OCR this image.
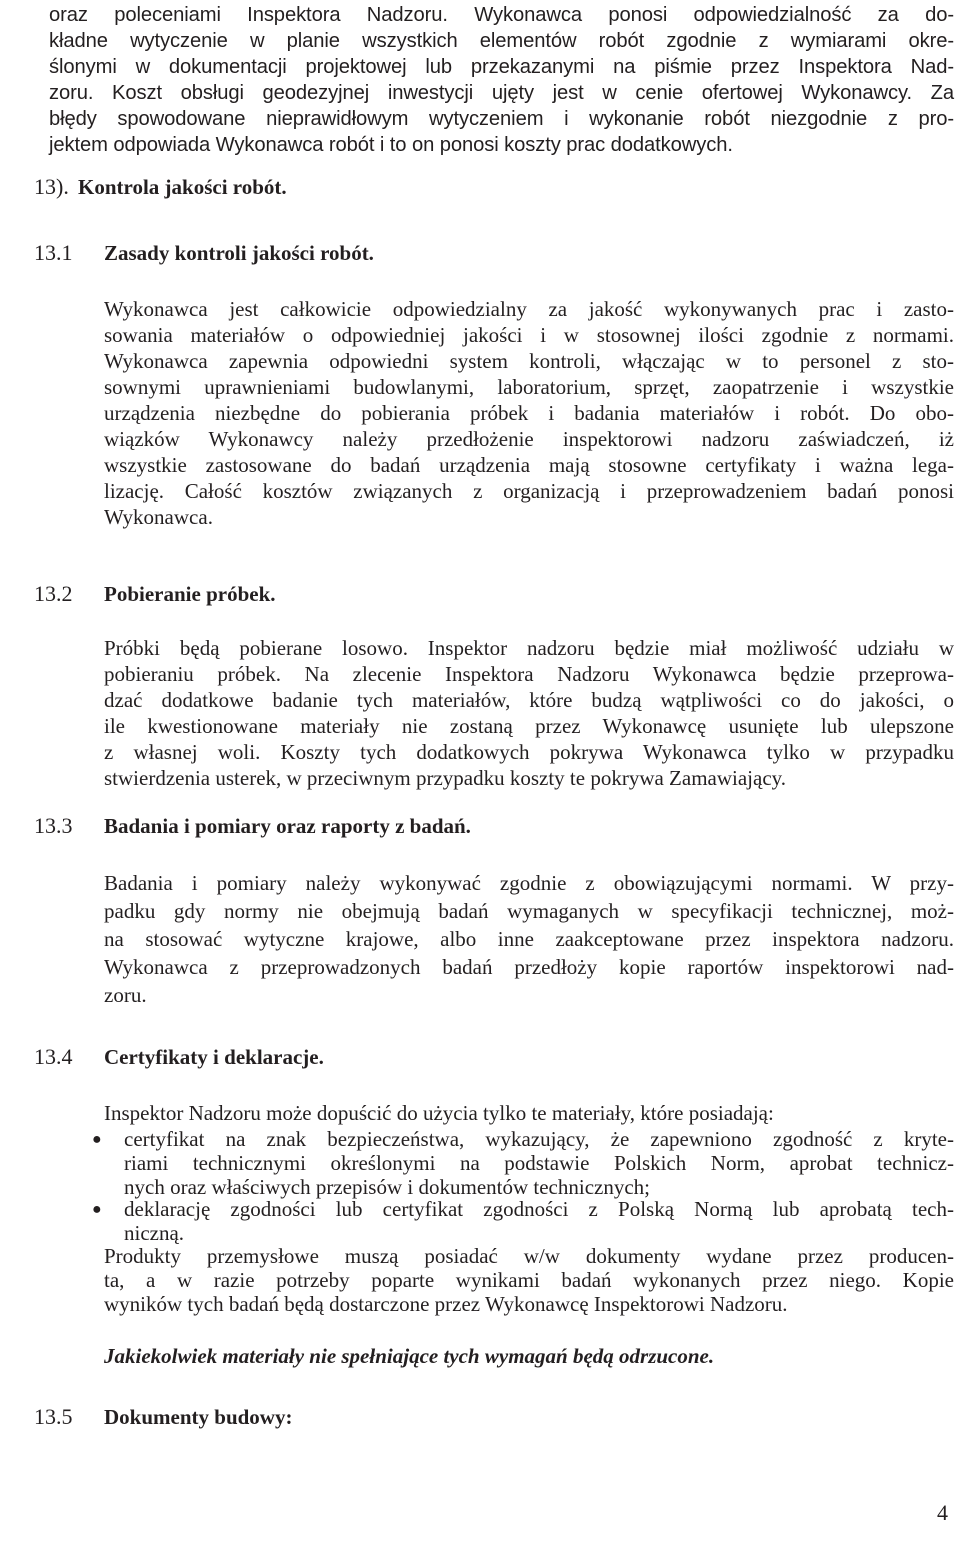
oraz poleceniami Inspektora Nadzoru. Wykonawca ponosi odpowiedzialność za do-
kładne wytyczenie w planie wszystkich elementów robót zgodnie z wymiarami okre-
ślonymi w dokumentacji projektowej lub przekazanymi na piśmie przez Inspektora Nad-
zoru. Koszt obsługi geodezyjnej inwestycji ujęty jest w cenie ofertowej Wykonawcy. Za
błędy spowodowane nieprawidłowym wytyczeniem i wykonanie robót niezgodnie z pro-
jektem odpowiada Wykonawca robót i to on ponosi koszty prac dodatkowych.
13). Kontrola jakości robót.
13.1 Zasady kontroli jakości robót.
Wykonawca jest całkowicie odpowiedzialny za jakość wykonywanych prac i zasto-
sowania materiałów o odpowiedniej jakości i w stosownej ilości zgodnie z normami.
Wykonawca zapewnia odpowiedni system kontroli, włączając w to personel z sto-
sownymi uprawnieniami budowlanymi, laboratorium, sprzęt, zaopatrzenie i wszystkie
urządzenia niezbędne do pobierania próbek i badania materiałów i robót. Do obo-
wiązków Wykonawcy należy przedłożenie inspektorowi nadzoru zaświadczeń, iż
wszystkie zastosowane do badań urządzenia mają stosowne certyfikaty i ważna lega-
lizację. Całość kosztów związanych z organizacją i przeprowadzeniem badań ponosi
Wykonawca.
13.2 Pobieranie próbek.
Próbki będą pobierane losowo. Inspektor nadzoru będzie miał możliwość udziału w
pobieraniu próbek. Na zlecenie Inspektora Nadzoru Wykonawca będzie przeprowa-
dzać dodatkowe badanie tych materiałów, które budzą wątpliwości co do jakości, o
ile kwestionowane materiały nie zostaną przez Wykonawcę usunięte lub ulepszone
z własnej woli. Koszty tych dodatkowych pokrywa Wykonawca tylko w przypadku
stwierdzenia usterek, w przeciwnym przypadku koszty te pokrywa Zamawiający.
13.3 Badania i pomiary oraz raporty z badań.
Badania i pomiary należy wykonywać zgodnie z obowiązującymi normami. W przy-
padku gdy normy nie obejmują badań wymaganych w specyfikacji technicznej, moż-
na stosować wytyczne krajowe, albo inne zaakceptowane przez inspektora nadzoru.
Wykonawca z przeprowadzonych badań przedłoży kopie raportów inspektorowi nad-
zoru.
13.4 Certyfikaty i deklaracje.
Inspektor Nadzoru może dopuścić do użycia tylko te materiały, które posiadają:
● certyfikat na znak bezpieczeństwa, wykazujący, że zapewniono zgodność z kryte-
riami technicznymi określonymi na podstawie Polskich Norm, aprobat technicz-
nych oraz właściwych przepisów i dokumentów technicznych;
● deklarację zgodności lub certyfikat zgodności z Polską Normą lub aprobatą tech-
niczną.
Produkty przemysłowe muszą posiadać w/w dokumenty wydane przez producen-
ta, a w razie potrzeby poparte wynikami badań wykonanych przez niego. Kopie
wyników tych badań będą dostarczone przez Wykonawcę Inspektorowi Nadzoru.
Jakiekolwiek materiały nie spełniające tych wymagań będą odrzucone.
13.5 Dokumenty budowy:
4
